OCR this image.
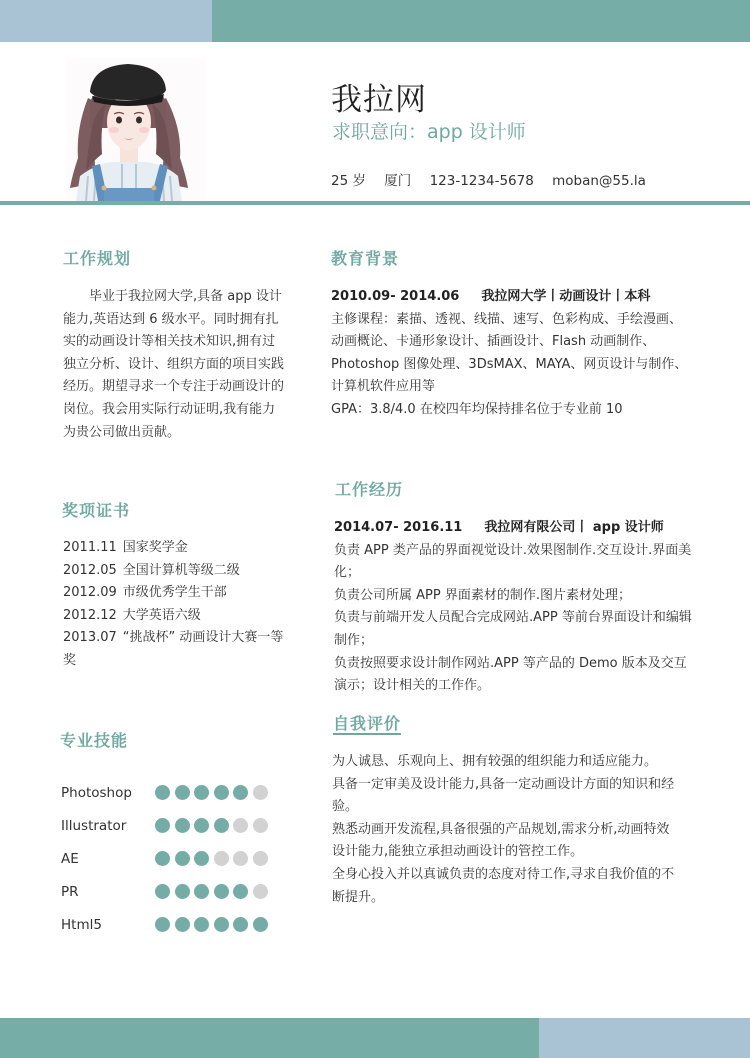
我拉网
求职意向：app 设计师
25 岁 厦门 123-1234-5678 moban@55.la
工作规划
毕业于我拉网大学,具备 app 设计能力,英语达到 6 级水平。同时拥有扎实的动画设计等相关技术知识,拥有过独立分析、设计、组织方面的项目实践经历。期望寻求一个专注于动画设计的岗位。我会用实际行动证明,我有能力为贵公司做出贡献。
奖项证书
2011.11 国家奖学金
2012.05 全国计算机等级二级
2012.09 市级优秀学生干部
2012.12 大学英语六级
2013.07 “挑战杯” 动画设计大赛一等奖
专业技能
Photoshop
Illustrator
AE
PR
Html5
教育背景
2010.09- 2014.06 我拉网大学丨动画设计丨本科
主修课程：素描、透视、线描、速写、色彩构成、手绘漫画、动画概论、卡通形象设计、插画设计、Flash 动画制作、Photoshop 图像处理、3DsMAX、MAYA、网页设计与制作、计算机软件应用等
GPA：3.8/4.0 在校四年均保持排名位于专业前 10
工作经历
2014.07- 2016.11 我拉网有限公司丨 app 设计师
负责 APP 类产品的界面视觉设计.效果图制作.交互设计.界面美化；
负责公司所属 APP 界面素材的制作.图片素材处理；
负责与前端开发人员配合完成网站.APP 等前台界面设计和编辑制作；
负责按照要求设计制作网站.APP 等产品的 Demo 版本及交互演示；设计相关的工作作。
自我评价
为人诚恳、乐观向上、拥有较强的组织能力和适应能力。
具备一定审美及设计能力,具备一定动画设计方面的知识和经验。
熟悉动画开发流程,具备很强的产品规划,需求分析,动画特效设计能力,能独立承担动画设计的管控工作。
全身心投入并以真诚负责的态度对待工作,寻求自我价值的不断提升。
